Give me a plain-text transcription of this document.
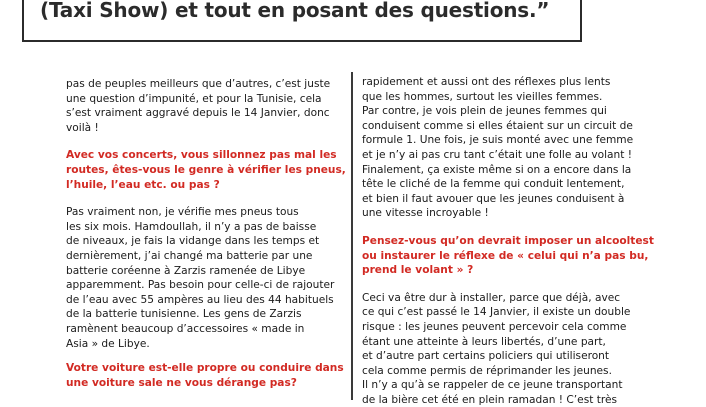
(Taxi Show) et tout en posant des questions.”
pas de peuples meilleurs que d’autres, c’est juste
une question d’impunité, et pour la Tunisie, cela
s’est vraiment aggravé depuis le 14 Janvier, donc
voilà !
Avec vos concerts, vous sillonnez pas mal les
routes, êtes-vous le genre à vérifier les pneus,
l’huile, l’eau etc. ou pas ?
Pas vraiment non, je vérifie mes pneus tous
les six mois. Hamdoullah, il n’y a pas de baisse
de niveaux, je fais la vidange dans les temps et
dernièrement, j’ai changé ma batterie par une
batterie coréenne à Zarzis ramenée de Libye
apparemment. Pas besoin pour celle-ci de rajouter
de l’eau avec 55 ampères au lieu des 44 habituels
de la batterie tunisienne. Les gens de Zarzis
ramènent beaucoup d’accessoires « made in
Asia » de Libye.
Votre voiture est-elle propre ou conduire dans
une voiture sale ne vous dérange pas?
rapidement et aussi ont des réflexes plus lents
que les hommes, surtout les vieilles femmes.
Par contre, je vois plein de jeunes femmes qui
conduisent comme si elles étaient sur un circuit de
formule 1. Une fois, je suis monté avec une femme
et je n’y ai pas cru tant c’était une folle au volant !
Finalement, ça existe même si on a encore dans la
tête le cliché de la femme qui conduit lentement,
et bien il faut avouer que les jeunes conduisent à
une vitesse incroyable !
Pensez-vous qu’on devrait imposer un alcooltest
ou instaurer le réflexe de « celui qui n’a pas bu,
prend le volant » ?
Ceci va être dur à installer, parce que déjà, avec
ce qui c’est passé le 14 Janvier, il existe un double
risque : les jeunes peuvent percevoir cela comme
étant une atteinte à leurs libertés, d’une part,
et d’autre part certains policiers qui utiliseront
cela comme permis de réprimander les jeunes.
Il n’y a qu’à se rappeler de ce jeune transportant
de la bière cet été en plein ramadan ! C’est très
